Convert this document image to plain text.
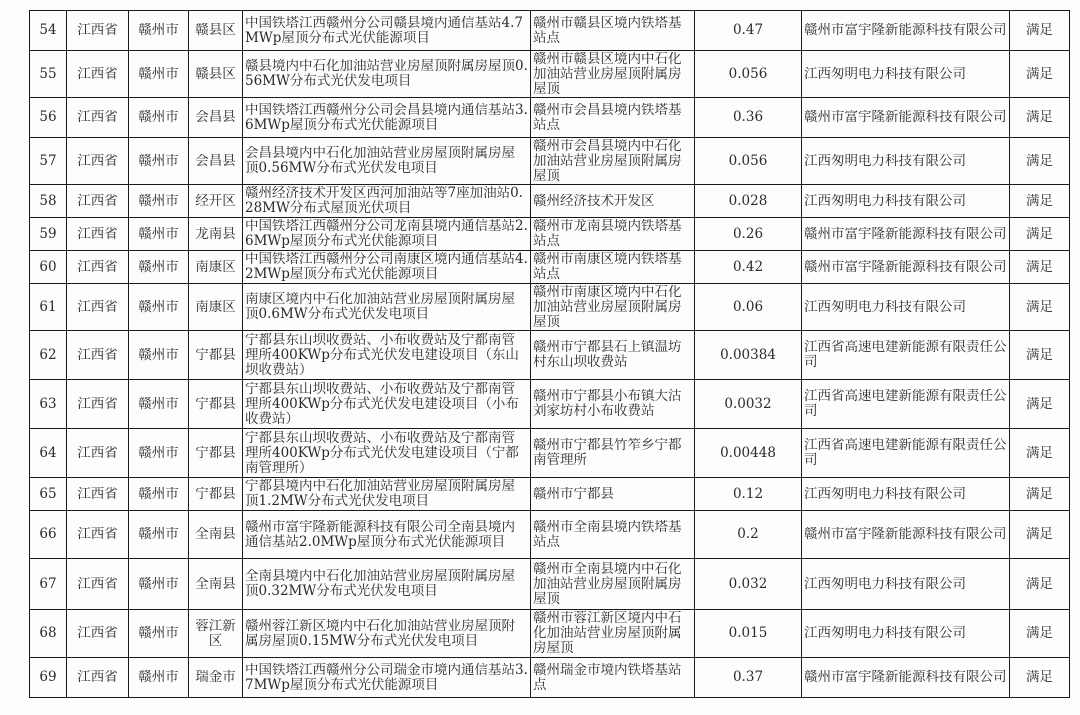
54	江西省	赣州市	赣县区	中国铁塔江西赣州分公司赣县境内通信基站4.7MWp屋顶分布式光伏能源项目	赣州市赣县区境内铁塔基站点	0.47	赣州市富宇隆新能源科技有限公司	满足

55	江西省	赣州市	赣县区	赣县境内中石化加油站营业房屋顶附属房屋顶0.56MW分布式光伏发电项目	赣州市赣县区境内中石化加油站营业房屋顶附属房屋顶	0.056	江西匆明电力科技有限公司	满足

56	江西省	赣州市	会昌县	中国铁塔江西赣州分公司会昌县境内通信基站3.6MWp屋顶分布式光伏能源项目	赣州市会昌县境内铁塔基站点	0.36	赣州市富宇隆新能源科技有限公司	满足

57	江西省	赣州市	会昌县	会昌县境内中石化加油站营业房屋顶附属房屋顶0.56MW分布式光伏发电项目	赣州市会昌县境内中石化加油站营业房屋顶附属房屋顶	0.056	江西匆明电力科技有限公司	满足

58	江西省	赣州市	经开区	赣州经济技术开发区西河加油站等7座加油站0.28MW分布式屋顶光伏项目	赣州经济技术开发区	0.028	江西匆明电力科技有限公司	满足

59	江西省	赣州市	龙南县	中国铁塔江西赣州分公司龙南县境内通信基站2.6MWp屋顶分布式光伏能源项目	赣州市龙南县境内铁塔基站点	0.26	赣州市富宇隆新能源科技有限公司	满足

60	江西省	赣州市	南康区	中国铁塔江西赣州分公司南康区境内通信基站4.2MWp屋顶分布式光伏能源项目	赣州市南康区境内铁塔基站点	0.42	赣州市富宇隆新能源科技有限公司	满足

61	江西省	赣州市	南康区	南康区境内中石化加油站营业房屋顶附属房屋顶0.6MW分布式光伏发电项目	赣州市南康区境内中石化加油站营业房屋顶附属房屋顶	0.06	江西匆明电力科技有限公司	满足

62	江西省	赣州市	宁都县	宁都县东山坝收费站、小布收费站及宁都南管理所400KWp分布式光伏发电建设项目（东山坝收费站）	赣州市宁都县石上镇温坊村东山坝收费站	0.00384	江西省高速电建新能源有限责任公司	满足

63	江西省	赣州市	宁都县	宁都县东山坝收费站、小布收费站及宁都南管理所400KWp分布式光伏发电建设项目（小布收费站）	赣州市宁都县小布镇大沽刘家坊村小布收费站	0.0032	江西省高速电建新能源有限责任公司	满足

64	江西省	赣州市	宁都县	宁都县东山坝收费站、小布收费站及宁都南管理所400KWp分布式光伏发电建设项目（宁都南管理所）	赣州市宁都县竹笮乡宁都南管理所	0.00448	江西省高速电建新能源有限责任公司	满足

65	江西省	赣州市	宁都县	宁都县境内中石化加油站营业房屋顶附属房屋顶1.2MW分布式光伏发电项目	赣州市宁都县	0.12	江西匆明电力科技有限公司	满足

66	江西省	赣州市	全南县	赣州市富宇隆新能源科技有限公司全南县境内通信基站2.0MWp屋顶分布式光伏能源项目	赣州市全南县境内铁塔基站点	0.2	赣州市富宇隆新能源科技有限公司	满足

67	江西省	赣州市	全南县	全南县境内中石化加油站营业房屋顶附属房屋顶0.32MW分布式光伏发电项目	赣州市全南县境内中石化加油站营业房屋顶附属房屋顶	0.032	江西匆明电力科技有限公司	满足

68	江西省	赣州市	蓉江新区	赣州蓉江新区境内中石化加油站营业房屋顶附属房屋顶0.15MW分布式光伏发电项目	赣州市蓉江新区境内中石化加油站营业房屋顶附属房屋顶	0.015	江西匆明电力科技有限公司	满足

69	江西省	赣州市	瑞金市	中国铁塔江西赣州分公司瑞金市境内通信基站3.7MWp屋顶分布式光伏能源项目	赣州瑞金市境内铁塔基站点	0.37	赣州市富宇隆新能源科技有限公司	满足
